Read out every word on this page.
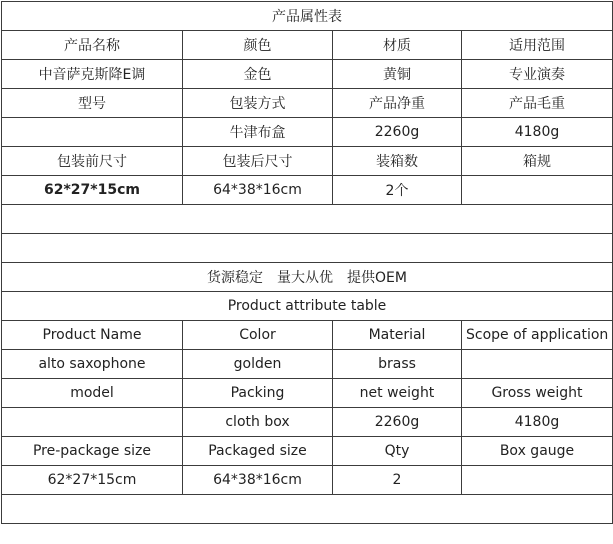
产品属性表			
产品名称	颜色	材质	适用范围
中音萨克斯降E调	金色	黄铜	专业演奏
型号	包装方式	产品净重	产品毛重
	牛津布盒	2260g	4180g
包装前尺寸	包装后尺寸	装箱数	箱规
62*27*15cm	64*38*16cm	2个	

货源稳定　量大从优　提供OEM			
Product attribute table			
Product Name	Color	Material	Scope of application
alto saxophone	golden	brass	
model	Packing	net weight	Gross weight
	cloth box	2260g	4180g
Pre-package size	Packaged size	Qty	Box gauge
62*27*15cm	64*38*16cm	2	
